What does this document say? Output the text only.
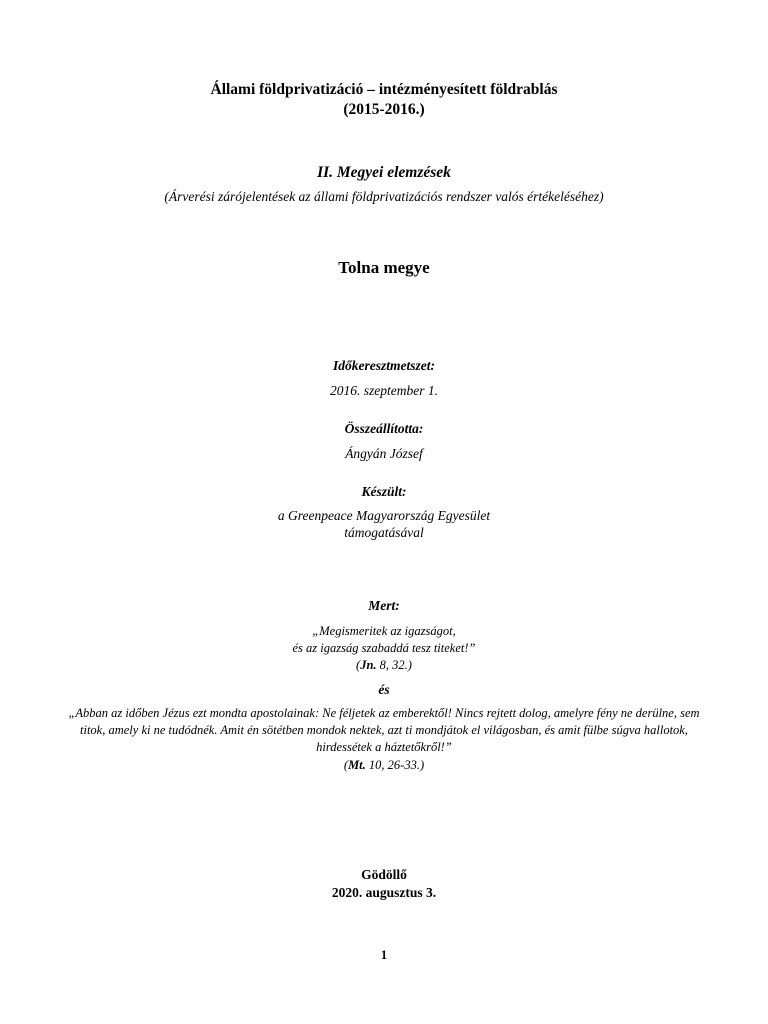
Állami földprivatizáció – intézményesített földrablás
(2015-2016.)
II. Megyei elemzések
(Árverési zárójelentések az állami földprivatizációs rendszer valós értékeléséhez)
Tolna megye
Időkeresztmetszet:
2016. szeptember 1.
Összeállította:
Ángyán József
Készült:
a Greenpeace Magyarország Egyesület
támogatásával
Mert:
„Megismeritek az igazságot,
és az igazság szabaddá tesz titeket!”
(Jn. 8, 32.)
és
„Abban az időben Jézus ezt mondta apostolainak: Ne féljetek az emberektől! Nincs rejtett dolog, amelyre fény ne derülne, sem titok, amely ki ne tudódnék. Amit én sötétben mondok nektek, azt ti mondjátok el világosban, és amit fülbe súgva hallotok, hirdessétek a háztetőkről!”
(Mt. 10, 26-33.)
Gödöllő
2020. augusztus 3.
1
